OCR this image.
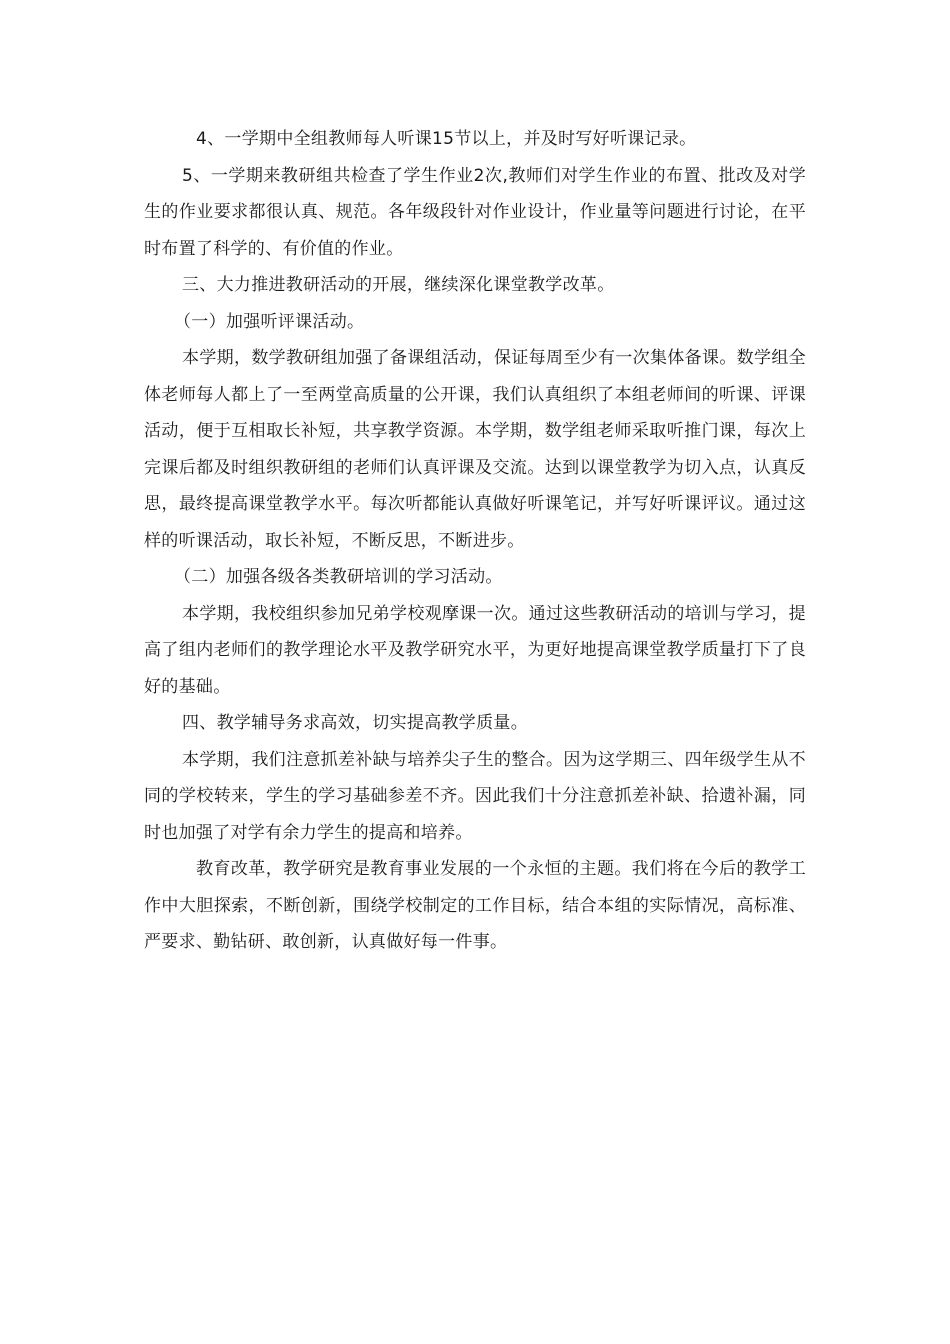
4、一学期中全组教师每人听课15节以上，并及时写好听课记录。

5、一学期来教研组共检查了学生作业2次,教师们对学生作业的布置、批改及对学生的作业要求都很认真、规范。各年级段针对作业设计，作业量等问题进行讨论，在平时布置了科学的、有价值的作业。

三、大力推进教研活动的开展，继续深化课堂教学改革。

（一）加强听评课活动。

本学期，数学教研组加强了备课组活动，保证每周至少有一次集体备课。数学组全体老师每人都上了一至两堂高质量的公开课，我们认真组织了本组老师间的听课、评课活动，便于互相取长补短，共享教学资源。本学期，数学组老师采取听推门课，每次上完课后都及时组织教研组的老师们认真评课及交流。达到以课堂教学为切入点，认真反思，最终提高课堂教学水平。每次听都能认真做好听课笔记，并写好听课评议。通过这样的听课活动，取长补短，不断反思，不断进步。

（二）加强各级各类教研培训的学习活动。

本学期，我校组织参加兄弟学校观摩课一次。通过这些教研活动的培训与学习，提高了组内老师们的教学理论水平及教学研究水平，为更好地提高课堂教学质量打下了良好的基础。

四、教学辅导务求高效，切实提高教学质量。

本学期，我们注意抓差补缺与培养尖子生的整合。因为这学期三、四年级学生从不同的学校转来，学生的学习基础参差不齐。因此我们十分注意抓差补缺、拾遗补漏，同时也加强了对学有余力学生的提高和培养。

教育改革，教学研究是教育事业发展的一个永恒的主题。我们将在今后的教学工作中大胆探索，不断创新，围绕学校制定的工作目标，结合本组的实际情况，高标准、严要求、勤钻研、敢创新，认真做好每一件事。
